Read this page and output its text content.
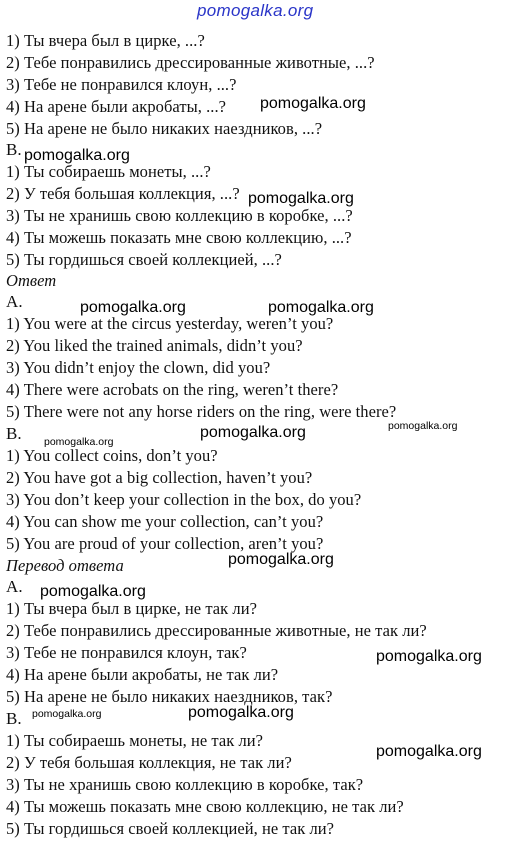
pomogalka.org
pomogalka.org
pomogalka.org
pomogalka.org
pomogalka.org	pomogalka.org
pomogalka.org	pomogalka.org
pomogalka.org
pomogalka.org
pomogalka.org
pomogalka.org
pomogalka.org	pomogalka.org
pomogalka.org
1) Ты вчера был в цирке, ...?
2) Тебе понравились дрессированные животные, ...?
3) Тебе не понравился клоун, ...?
4) На арене были акробаты, ...?
5) На арене не было никаких наездников, ...?
B.
1) Ты собираешь монеты, ...?
2) У тебя большая коллекция, ...?
3) Ты не хранишь свою коллекцию в коробке, ...?
4) Ты можешь показать мне свою коллекцию, ...?
5) Ты гордишься своей коллекцией, ...?
Ответ
A.
1) You were at the circus yesterday, weren’t you?
2) You liked the trained animals, didn’t you?
3) You didn’t enjoy the clown, did you?
4) There were acrobats on the ring, weren’t there?
5) There were not any horse riders on the ring, were there?
B.
1) You collect coins, don’t you?
2) You have got a big collection, haven’t you?
3) You don’t keep your collection in the box, do you?
4) You can show me your collection, can’t you?
5) You are proud of your collection, aren’t you?
Перевод ответа
A.
1) Ты вчера был в цирке, не так ли?
2) Тебе понравились дрессированные животные, не так ли?
3) Тебе не понравился клоун, так?
4) На арене были акробаты, не так ли?
5) На арене не было никаких наездников, так?
B.
1) Ты собираешь монеты, не так ли?
2) У тебя большая коллекция, не так ли?
3) Ты не хранишь свою коллекцию в коробке, так?
4) Ты можешь показать мне свою коллекцию, не так ли?
5) Ты гордишься своей коллекцией, не так ли?
